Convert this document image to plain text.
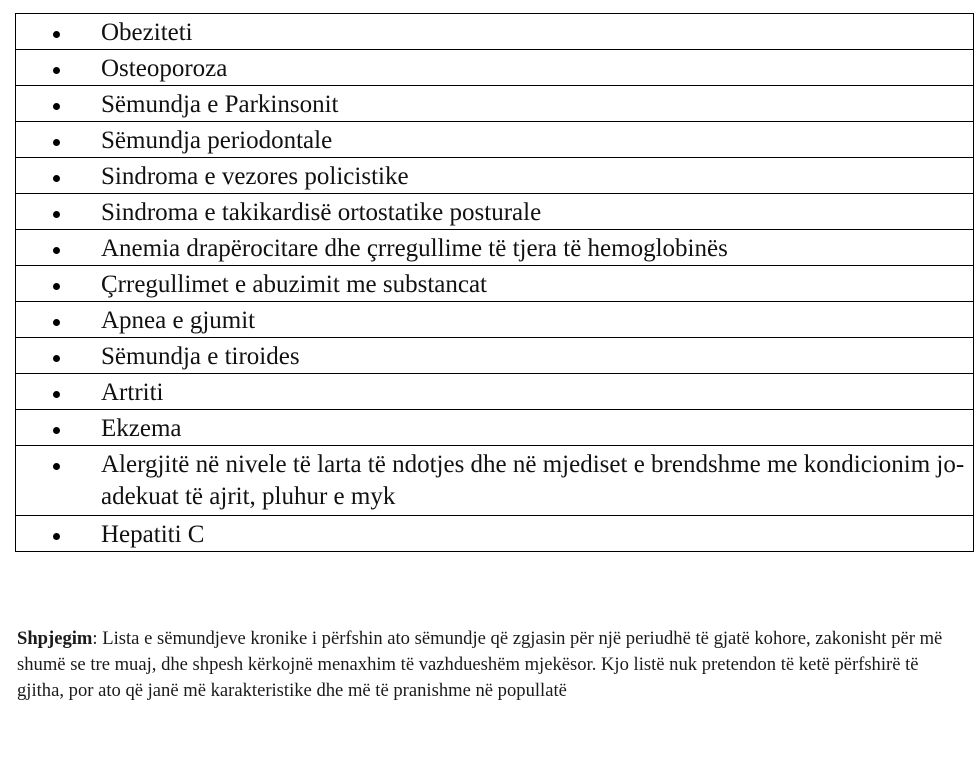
Obeziteti

Osteoporoza

Sëmundja e Parkinsonit

Sëmundja periodontale

Sindroma e vezores policistike

Sindroma e takikardisë ortostatike posturale

Anemia drapërocitare dhe çrregullime të tjera të hemoglobinës

Çrregullimet e abuzimit me substancat

Apnea e gjumit

Sëmundja e tiroides

Artriti

Ekzema

Alergjitë në nivele të larta të ndotjes dhe në mjediset e brendshme me kondicionim jo-adekuat të ajrit, pluhur e myk

Hepatiti C

Shpjegim: Lista e sëmundjeve kronike i përfshin ato sëmundje që zgjasin për një periudhë të gjatë kohore, zakonisht për më shumë se tre muaj, dhe shpesh kërkojnë menaxhim të vazhdueshëm mjekësor. Kjo listë nuk pretendon të ketë përfshirë të gjitha, por ato që janë më karakteristike dhe më të pranishme në popullatë
